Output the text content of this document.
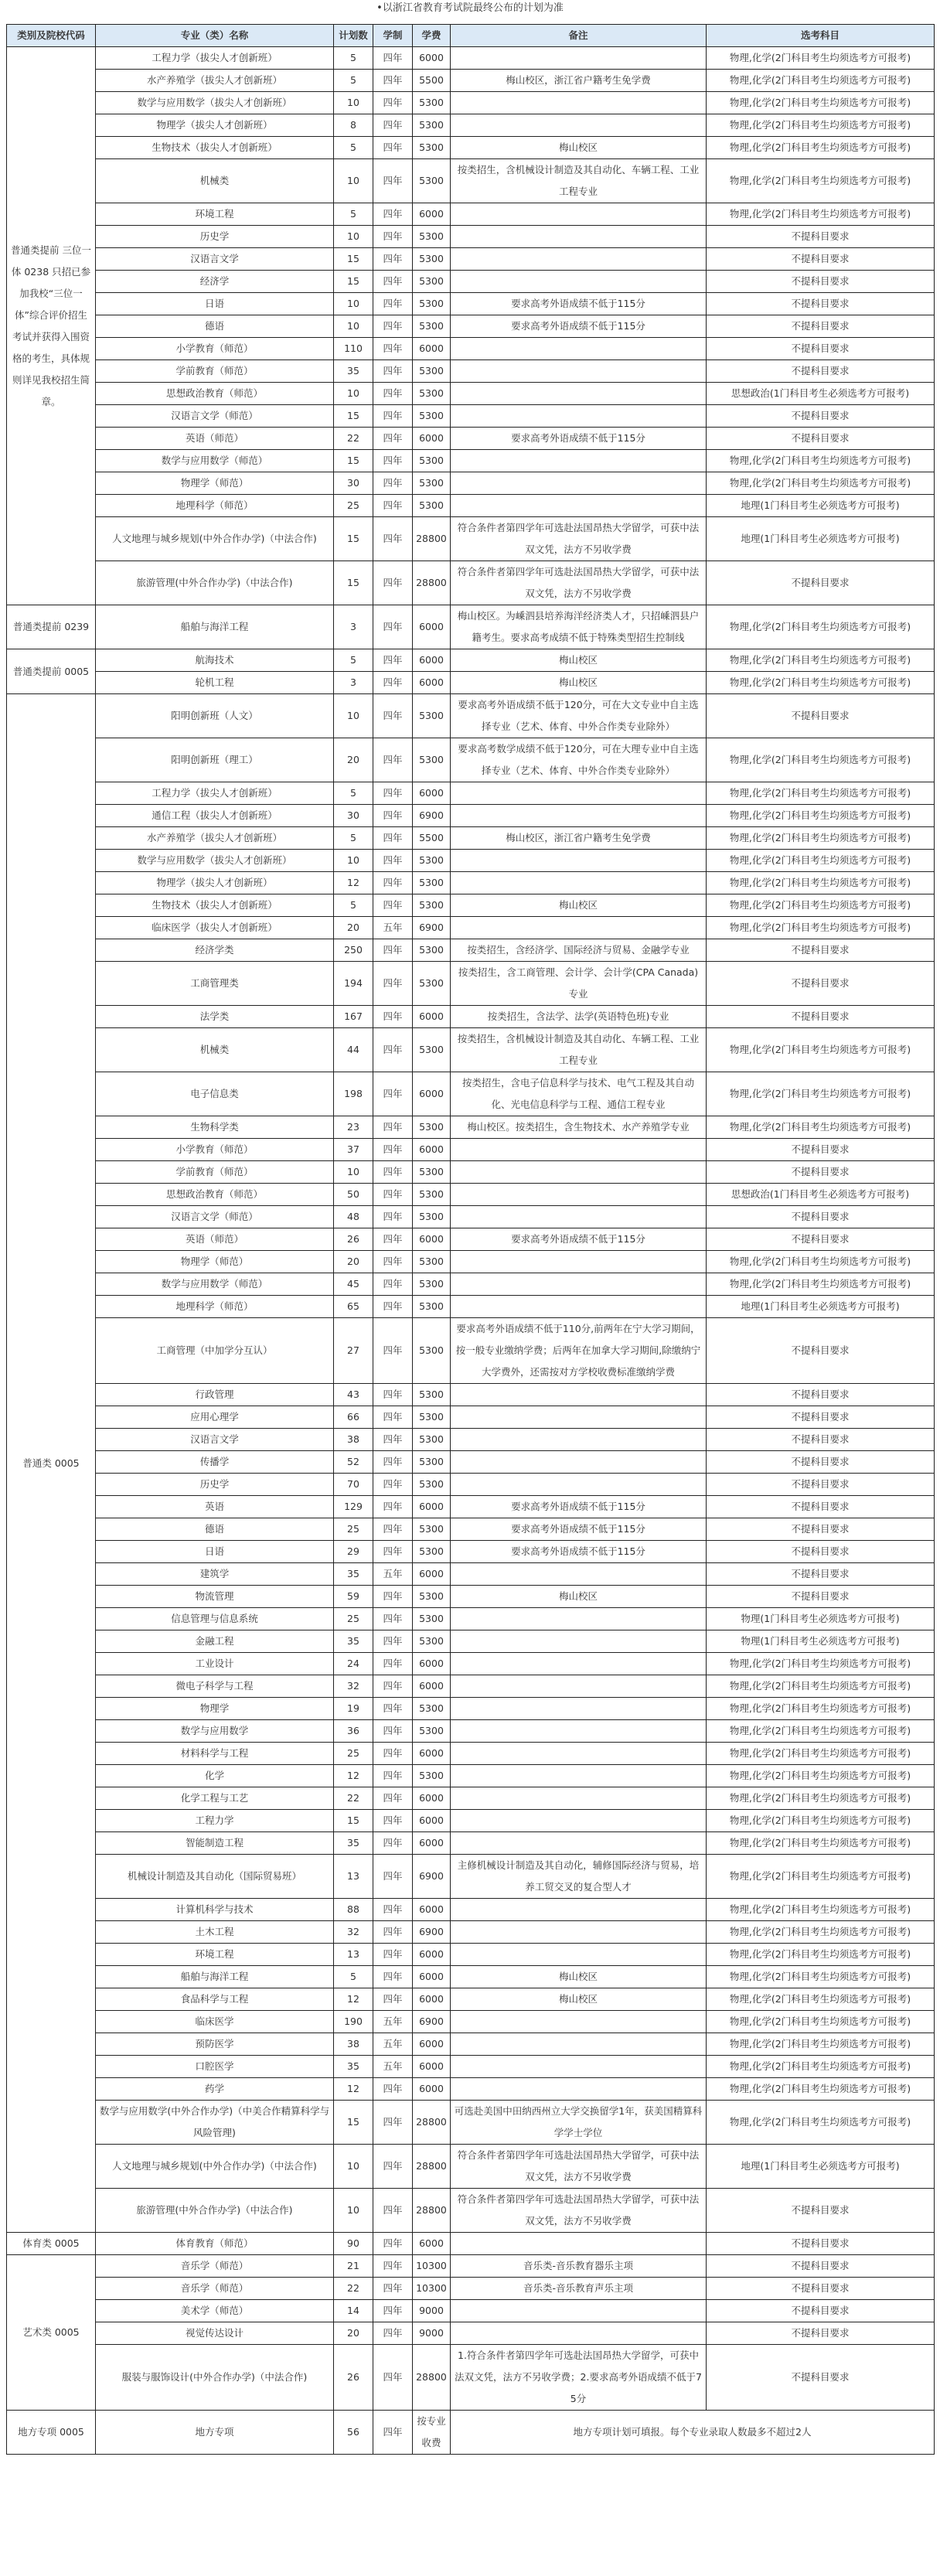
•以浙江省教育考试院最终公布的计划为准
类别及院校代码	专业（类）名称	计划数	学制	学费	备注	选考科目
普通类提前 三位一体 0238 只招已参加我校“三位一体”综合评价招生考试并获得入围资格的考生，具体规则详见我校招生简章。	工程力学（拔尖人才创新班）	5	四年	6000		物理,化学(2门科目考生均须选考方可报考)
	水产养殖学（拔尖人才创新班）	5	四年	5500	梅山校区，浙江省户籍考生免学费	物理,化学(2门科目考生均须选考方可报考)
	数学与应用数学（拔尖人才创新班）	10	四年	5300		物理,化学(2门科目考生均须选考方可报考)
	物理学（拔尖人才创新班）	8	四年	5300		物理,化学(2门科目考生均须选考方可报考)
	生物技术（拔尖人才创新班）	5	四年	5300	梅山校区	物理,化学(2门科目考生均须选考方可报考)
	机械类	10	四年	5300	按类招生，含机械设计制造及其自动化、车辆工程、工业工程专业	物理,化学(2门科目考生均须选考方可报考)
	环境工程	5	四年	6000		物理,化学(2门科目考生均须选考方可报考)
	历史学	10	四年	5300		不提科目要求
	汉语言文学	15	四年	5300		不提科目要求
	经济学	15	四年	5300		不提科目要求
	日语	10	四年	5300	要求高考外语成绩不低于115分	不提科目要求
	德语	10	四年	5300	要求高考外语成绩不低于115分	不提科目要求
	小学教育（师范）	110	四年	6000		不提科目要求
	学前教育（师范）	35	四年	5300		不提科目要求
	思想政治教育（师范）	10	四年	5300		思想政治(1门科目考生必须选考方可报考)
	汉语言文学（师范）	15	四年	5300		不提科目要求
	英语（师范）	22	四年	6000	要求高考外语成绩不低于115分	不提科目要求
	数学与应用数学（师范）	15	四年	5300		物理,化学(2门科目考生均须选考方可报考)
	物理学（师范）	30	四年	5300		物理,化学(2门科目考生均须选考方可报考)
	地理科学（师范）	25	四年	5300		地理(1门科目考生必须选考方可报考)
	人文地理与城乡规划(中外合作办学)（中法合作)	15	四年	28800	符合条件者第四学年可选赴法国昂热大学留学，可获中法双文凭，法方不另收学费	地理(1门科目考生必须选考方可报考)
	旅游管理(中外合作办学)（中法合作)	15	四年	28800	符合条件者第四学年可选赴法国昂热大学留学，可获中法双文凭，法方不另收学费	不提科目要求
普通类提前 0239	船舶与海洋工程	3	四年	6000	梅山校区。为嵊泗县培养海洋经济类人才，只招嵊泗县户籍考生。要求高考成绩不低于特殊类型招生控制线	物理,化学(2门科目考生均须选考方可报考)
普通类提前 0005	航海技术	5	四年	6000	梅山校区	物理,化学(2门科目考生均须选考方可报考)
	轮机工程	3	四年	6000	梅山校区	物理,化学(2门科目考生均须选考方可报考)
普通类 0005	阳明创新班（人文）	10	四年	5300	要求高考外语成绩不低于120分，可在大文专业中自主选择专业（艺术、体育、中外合作类专业除外）	不提科目要求
	阳明创新班（理工）	20	四年	5300	要求高考数学成绩不低于120分，可在大理专业中自主选择专业（艺术、体育、中外合作类专业除外）	物理,化学(2门科目考生均须选考方可报考)
	工程力学（拔尖人才创新班）	5	四年	6000		物理,化学(2门科目考生均须选考方可报考)
	通信工程（拔尖人才创新班）	30	四年	6900		物理,化学(2门科目考生均须选考方可报考)
	水产养殖学（拔尖人才创新班）	5	四年	5500	梅山校区，浙江省户籍考生免学费	物理,化学(2门科目考生均须选考方可报考)
	数学与应用数学（拔尖人才创新班）	10	四年	5300		物理,化学(2门科目考生均须选考方可报考)
	物理学（拔尖人才创新班）	12	四年	5300		物理,化学(2门科目考生均须选考方可报考)
	生物技术（拔尖人才创新班）	5	四年	5300	梅山校区	物理,化学(2门科目考生均须选考方可报考)
	临床医学（拔尖人才创新班）	20	五年	6900		物理,化学(2门科目考生均须选考方可报考)
	经济学类	250	四年	5300	按类招生，含经济学、国际经济与贸易、金融学专业	不提科目要求
	工商管理类	194	四年	5300	按类招生，含工商管理、会计学、会计学(CPA Canada)专业	不提科目要求
	法学类	167	四年	6000	按类招生，含法学、法学(英语特色班)专业	不提科目要求
	机械类	44	四年	5300	按类招生，含机械设计制造及其自动化、车辆工程、工业工程专业	物理,化学(2门科目考生均须选考方可报考)
	电子信息类	198	四年	6000	按类招生，含电子信息科学与技术、电气工程及其自动化、光电信息科学与工程、通信工程专业	物理,化学(2门科目考生均须选考方可报考)
	生物科学类	23	四年	5300	梅山校区。按类招生，含生物技术、水产养殖学专业	物理,化学(2门科目考生均须选考方可报考)
	小学教育（师范）	37	四年	6000		不提科目要求
	学前教育（师范）	10	四年	5300		不提科目要求
	思想政治教育（师范）	50	四年	5300		思想政治(1门科目考生必须选考方可报考)
	汉语言文学（师范）	48	四年	5300		不提科目要求
	英语（师范）	26	四年	6000	要求高考外语成绩不低于115分	不提科目要求
	物理学（师范）	20	四年	5300		物理,化学(2门科目考生均须选考方可报考)
	数学与应用数学（师范）	45	四年	5300		物理,化学(2门科目考生均须选考方可报考)
	地理科学（师范）	65	四年	5300		地理(1门科目考生必须选考方可报考)
	工商管理（中加学分互认）	27	四年	5300	要求高考外语成绩不低于110分,前两年在宁大学习期间，按一般专业缴纳学费；后两年在加拿大学习期间,除缴纳宁大学费外，还需按对方学校收费标准缴纳学费	不提科目要求
	行政管理	43	四年	5300		不提科目要求
	应用心理学	66	四年	5300		不提科目要求
	汉语言文学	38	四年	5300		不提科目要求
	传播学	52	四年	5300		不提科目要求
	历史学	70	四年	5300		不提科目要求
	英语	129	四年	6000	要求高考外语成绩不低于115分	不提科目要求
	德语	25	四年	5300	要求高考外语成绩不低于115分	不提科目要求
	日语	29	四年	5300	要求高考外语成绩不低于115分	不提科目要求
	建筑学	35	五年	6000		不提科目要求
	物流管理	59	四年	5300	梅山校区	不提科目要求
	信息管理与信息系统	25	四年	5300		物理(1门科目考生必须选考方可报考)
	金融工程	35	四年	5300		物理(1门科目考生必须选考方可报考)
	工业设计	24	四年	6000		物理,化学(2门科目考生均须选考方可报考)
	微电子科学与工程	32	四年	6000		物理,化学(2门科目考生均须选考方可报考)
	物理学	19	四年	5300		物理,化学(2门科目考生均须选考方可报考)
	数学与应用数学	36	四年	5300		物理,化学(2门科目考生均须选考方可报考)
	材料科学与工程	25	四年	6000		物理,化学(2门科目考生均须选考方可报考)
	化学	12	四年	5300		物理,化学(2门科目考生均须选考方可报考)
	化学工程与工艺	22	四年	6000		物理,化学(2门科目考生均须选考方可报考)
	工程力学	15	四年	6000		物理,化学(2门科目考生均须选考方可报考)
	智能制造工程	35	四年	6000		物理,化学(2门科目考生均须选考方可报考)
	机械设计制造及其自动化（国际贸易班）	13	四年	6900	主修机械设计制造及其自动化，辅修国际经济与贸易，培养工贸交叉的复合型人才	物理,化学(2门科目考生均须选考方可报考)
	计算机科学与技术	88	四年	6000		物理,化学(2门科目考生均须选考方可报考)
	土木工程	32	四年	6900		物理,化学(2门科目考生均须选考方可报考)
	环境工程	13	四年	6000		物理,化学(2门科目考生均须选考方可报考)
	船舶与海洋工程	5	四年	6000	梅山校区	物理,化学(2门科目考生均须选考方可报考)
	食品科学与工程	12	四年	6000	梅山校区	物理,化学(2门科目考生均须选考方可报考)
	临床医学	190	五年	6900		物理,化学(2门科目考生均须选考方可报考)
	预防医学	38	五年	6000		物理,化学(2门科目考生均须选考方可报考)
	口腔医学	35	五年	6000		物理,化学(2门科目考生均须选考方可报考)
	药学	12	四年	6000		物理,化学(2门科目考生均须选考方可报考)
	数学与应用数学(中外合作办学)（中美合作精算科学与风险管理)	15	四年	28800	可选赴美国中田纳西州立大学交换留学1年，获美国精算科学学士学位	物理,化学(2门科目考生均须选考方可报考)
	人文地理与城乡规划(中外合作办学)（中法合作)	10	四年	28800	符合条件者第四学年可选赴法国昂热大学留学，可获中法双文凭，法方不另收学费	地理(1门科目考生必须选考方可报考)
	旅游管理(中外合作办学)（中法合作)	10	四年	28800	符合条件者第四学年可选赴法国昂热大学留学，可获中法双文凭，法方不另收学费	不提科目要求
体育类 0005	体育教育（师范）	90	四年	6000		不提科目要求
艺术类 0005	音乐学（师范）	21	四年	10300	音乐类-音乐教育器乐主项	不提科目要求
	音乐学（师范）	22	四年	10300	音乐类-音乐教育声乐主项	不提科目要求
	美术学（师范）	14	四年	9000		不提科目要求
	视觉传达设计	20	四年	9000		不提科目要求
	服装与服饰设计(中外合作办学)（中法合作)	26	四年	28800	1.符合条件者第四学年可选赴法国昂热大学留学，可获中法双文凭，法方不另收学费；2.要求高考外语成绩不低于75分	不提科目要求
地方专项 0005	地方专项	56	四年	按专业收费	地方专项计划可填报。每个专业录取人数最多不超过2人	
